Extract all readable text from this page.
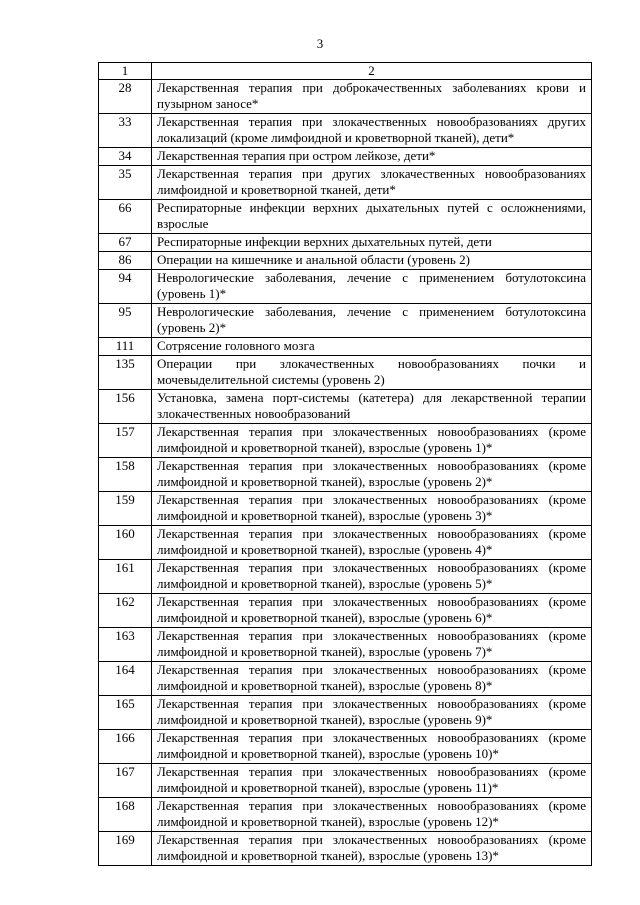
3
1	2
28	Лекарственная терапия при доброкачественных заболеваниях крови и пузырном заносе*
33	Лекарственная терапия при злокачественных новообразованиях других локализаций (кроме лимфоидной и кроветворной тканей), дети*
34	Лекарственная терапия при остром лейкозе, дети*
35	Лекарственная терапия при других злокачественных новообразованиях лимфоидной и кроветворной тканей, дети*
66	Респираторные инфекции верхних дыхательных путей с осложнениями, взрослые
67	Респираторные инфекции верхних дыхательных путей, дети
86	Операции на кишечнике и анальной области (уровень 2)
94	Неврологические заболевания, лечение с применением ботулотоксина (уровень 1)*
95	Неврологические заболевания, лечение с применением ботулотоксина (уровень 2)*
111	Сотрясение головного мозга
135	Операции при злокачественных новообразованиях почки и мочевыделительной системы (уровень 2)
156	Установка, замена порт-системы (катетера) для лекарственной терапии злокачественных новообразований
157	Лекарственная терапия при злокачественных новообразованиях (кроме лимфоидной и кроветворной тканей), взрослые (уровень 1)*
158	Лекарственная терапия при злокачественных новообразованиях (кроме лимфоидной и кроветворной тканей), взрослые (уровень 2)*
159	Лекарственная терапия при злокачественных новообразованиях (кроме лимфоидной и кроветворной тканей), взрослые (уровень 3)*
160	Лекарственная терапия при злокачественных новообразованиях (кроме лимфоидной и кроветворной тканей), взрослые (уровень 4)*
161	Лекарственная терапия при злокачественных новообразованиях (кроме лимфоидной и кроветворной тканей), взрослые (уровень 5)*
162	Лекарственная терапия при злокачественных новообразованиях (кроме лимфоидной и кроветворной тканей), взрослые (уровень 6)*
163	Лекарственная терапия при злокачественных новообразованиях (кроме лимфоидной и кроветворной тканей), взрослые (уровень 7)*
164	Лекарственная терапия при злокачественных новообразованиях (кроме лимфоидной и кроветворной тканей), взрослые (уровень 8)*
165	Лекарственная терапия при злокачественных новообразованиях (кроме лимфоидной и кроветворной тканей), взрослые (уровень 9)*
166	Лекарственная терапия при злокачественных новообразованиях (кроме лимфоидной и кроветворной тканей), взрослые (уровень 10)*
167	Лекарственная терапия при злокачественных новообразованиях (кроме лимфоидной и кроветворной тканей), взрослые (уровень 11)*
168	Лекарственная терапия при злокачественных новообразованиях (кроме лимфоидной и кроветворной тканей), взрослые (уровень 12)*
169	Лекарственная терапия при злокачественных новообразованиях (кроме лимфоидной и кроветворной тканей), взрослые (уровень 13)*
